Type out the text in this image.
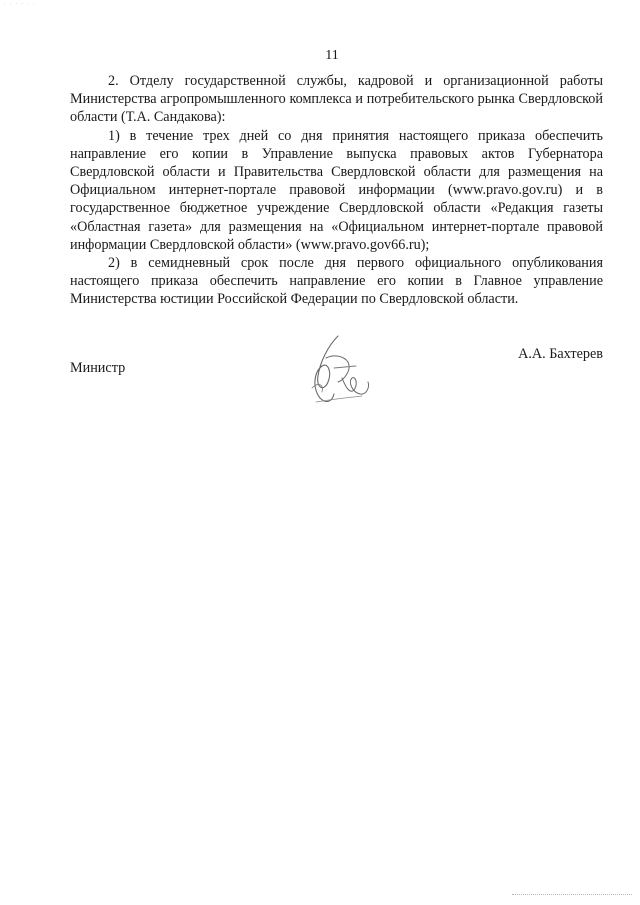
· · · · · ·
11

2. Отделу государственной службы, кадровой и организационной работы Министерства агропромышленного комплекса и потребительского рынка Свердловской области (Т.А. Сандакова):

1) в течение трех дней со дня принятия настоящего приказа обеспечить направление его копии в Управление выпуска правовых актов Губернатора Свердловской области и Правительства Свердловской области для размещения на Официальном интернет-портале правовой информации (www.pravo.gov.ru) и в государственное бюджетное учреждение Свердловской области «Редакция газеты «Областная газета» для размещения на «Официальном интернет-портале правовой информации Свердловской области» (www.pravo.gov66.ru);

2) в семидневный срок после дня первого официального опубликования настоящего приказа обеспечить направление его копии в Главное управление Министерства юстиции Российской Федерации по Свердловской области.

Министр
А.А. Бахтерев
